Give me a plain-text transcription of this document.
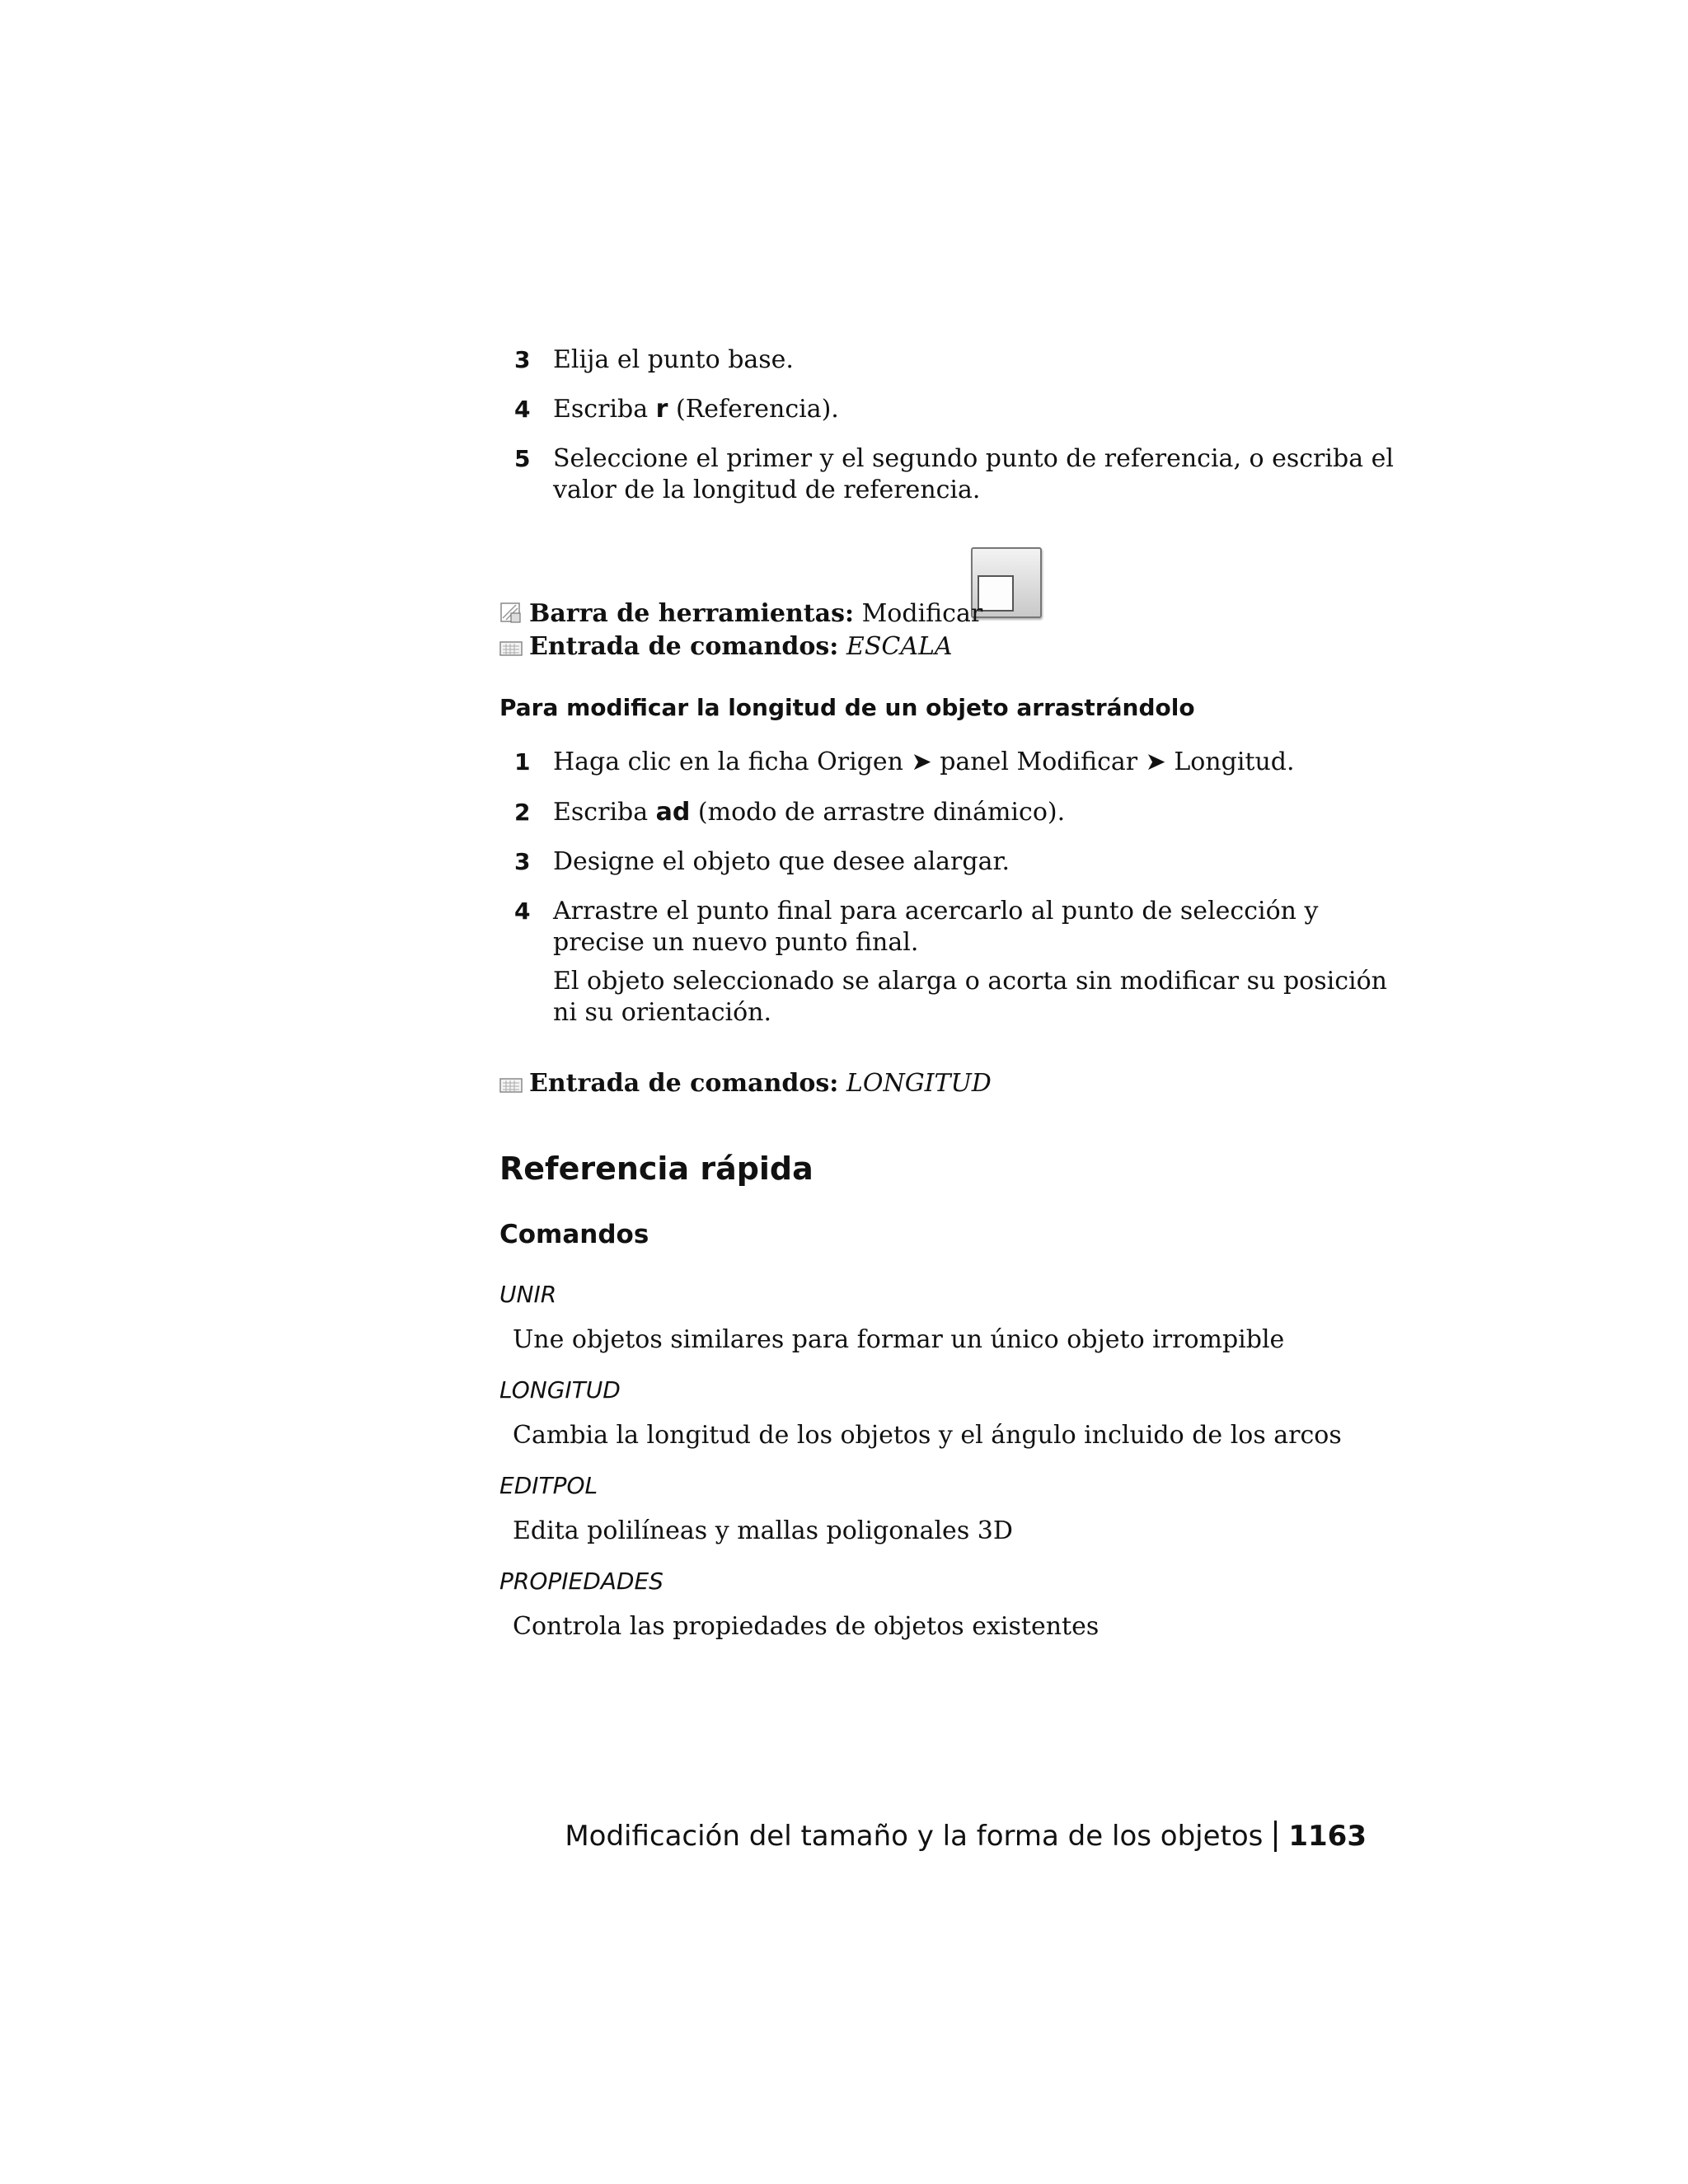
3 Elija el punto base.
4 Escriba r (Referencia).
5 Seleccione el primer y el segundo punto de referencia, o escriba el valor de la longitud de referencia.
Barra de herramientas: Modificar
Entrada de comandos: ESCALA
Para modificar la longitud de un objeto arrastrándolo
1 Haga clic en la ficha Origen ➤ panel Modificar ➤ Longitud.
2 Escriba ad (modo de arrastre dinámico).
3 Designe el objeto que desee alargar.
4 Arrastre el punto final para acercarlo al punto de selección y precise un nuevo punto final.
El objeto seleccionado se alarga o acorta sin modificar su posición ni su orientación.
Entrada de comandos: LONGITUD
Referencia rápida
Comandos
UNIR
Une objetos similares para formar un único objeto irrompible
LONGITUD
Cambia la longitud de los objetos y el ángulo incluido de los arcos
EDITPOL
Edita polilíneas y mallas poligonales 3D
PROPIEDADES
Controla las propiedades de objetos existentes
Modificación del tamaño y la forma de los objetos 1163
